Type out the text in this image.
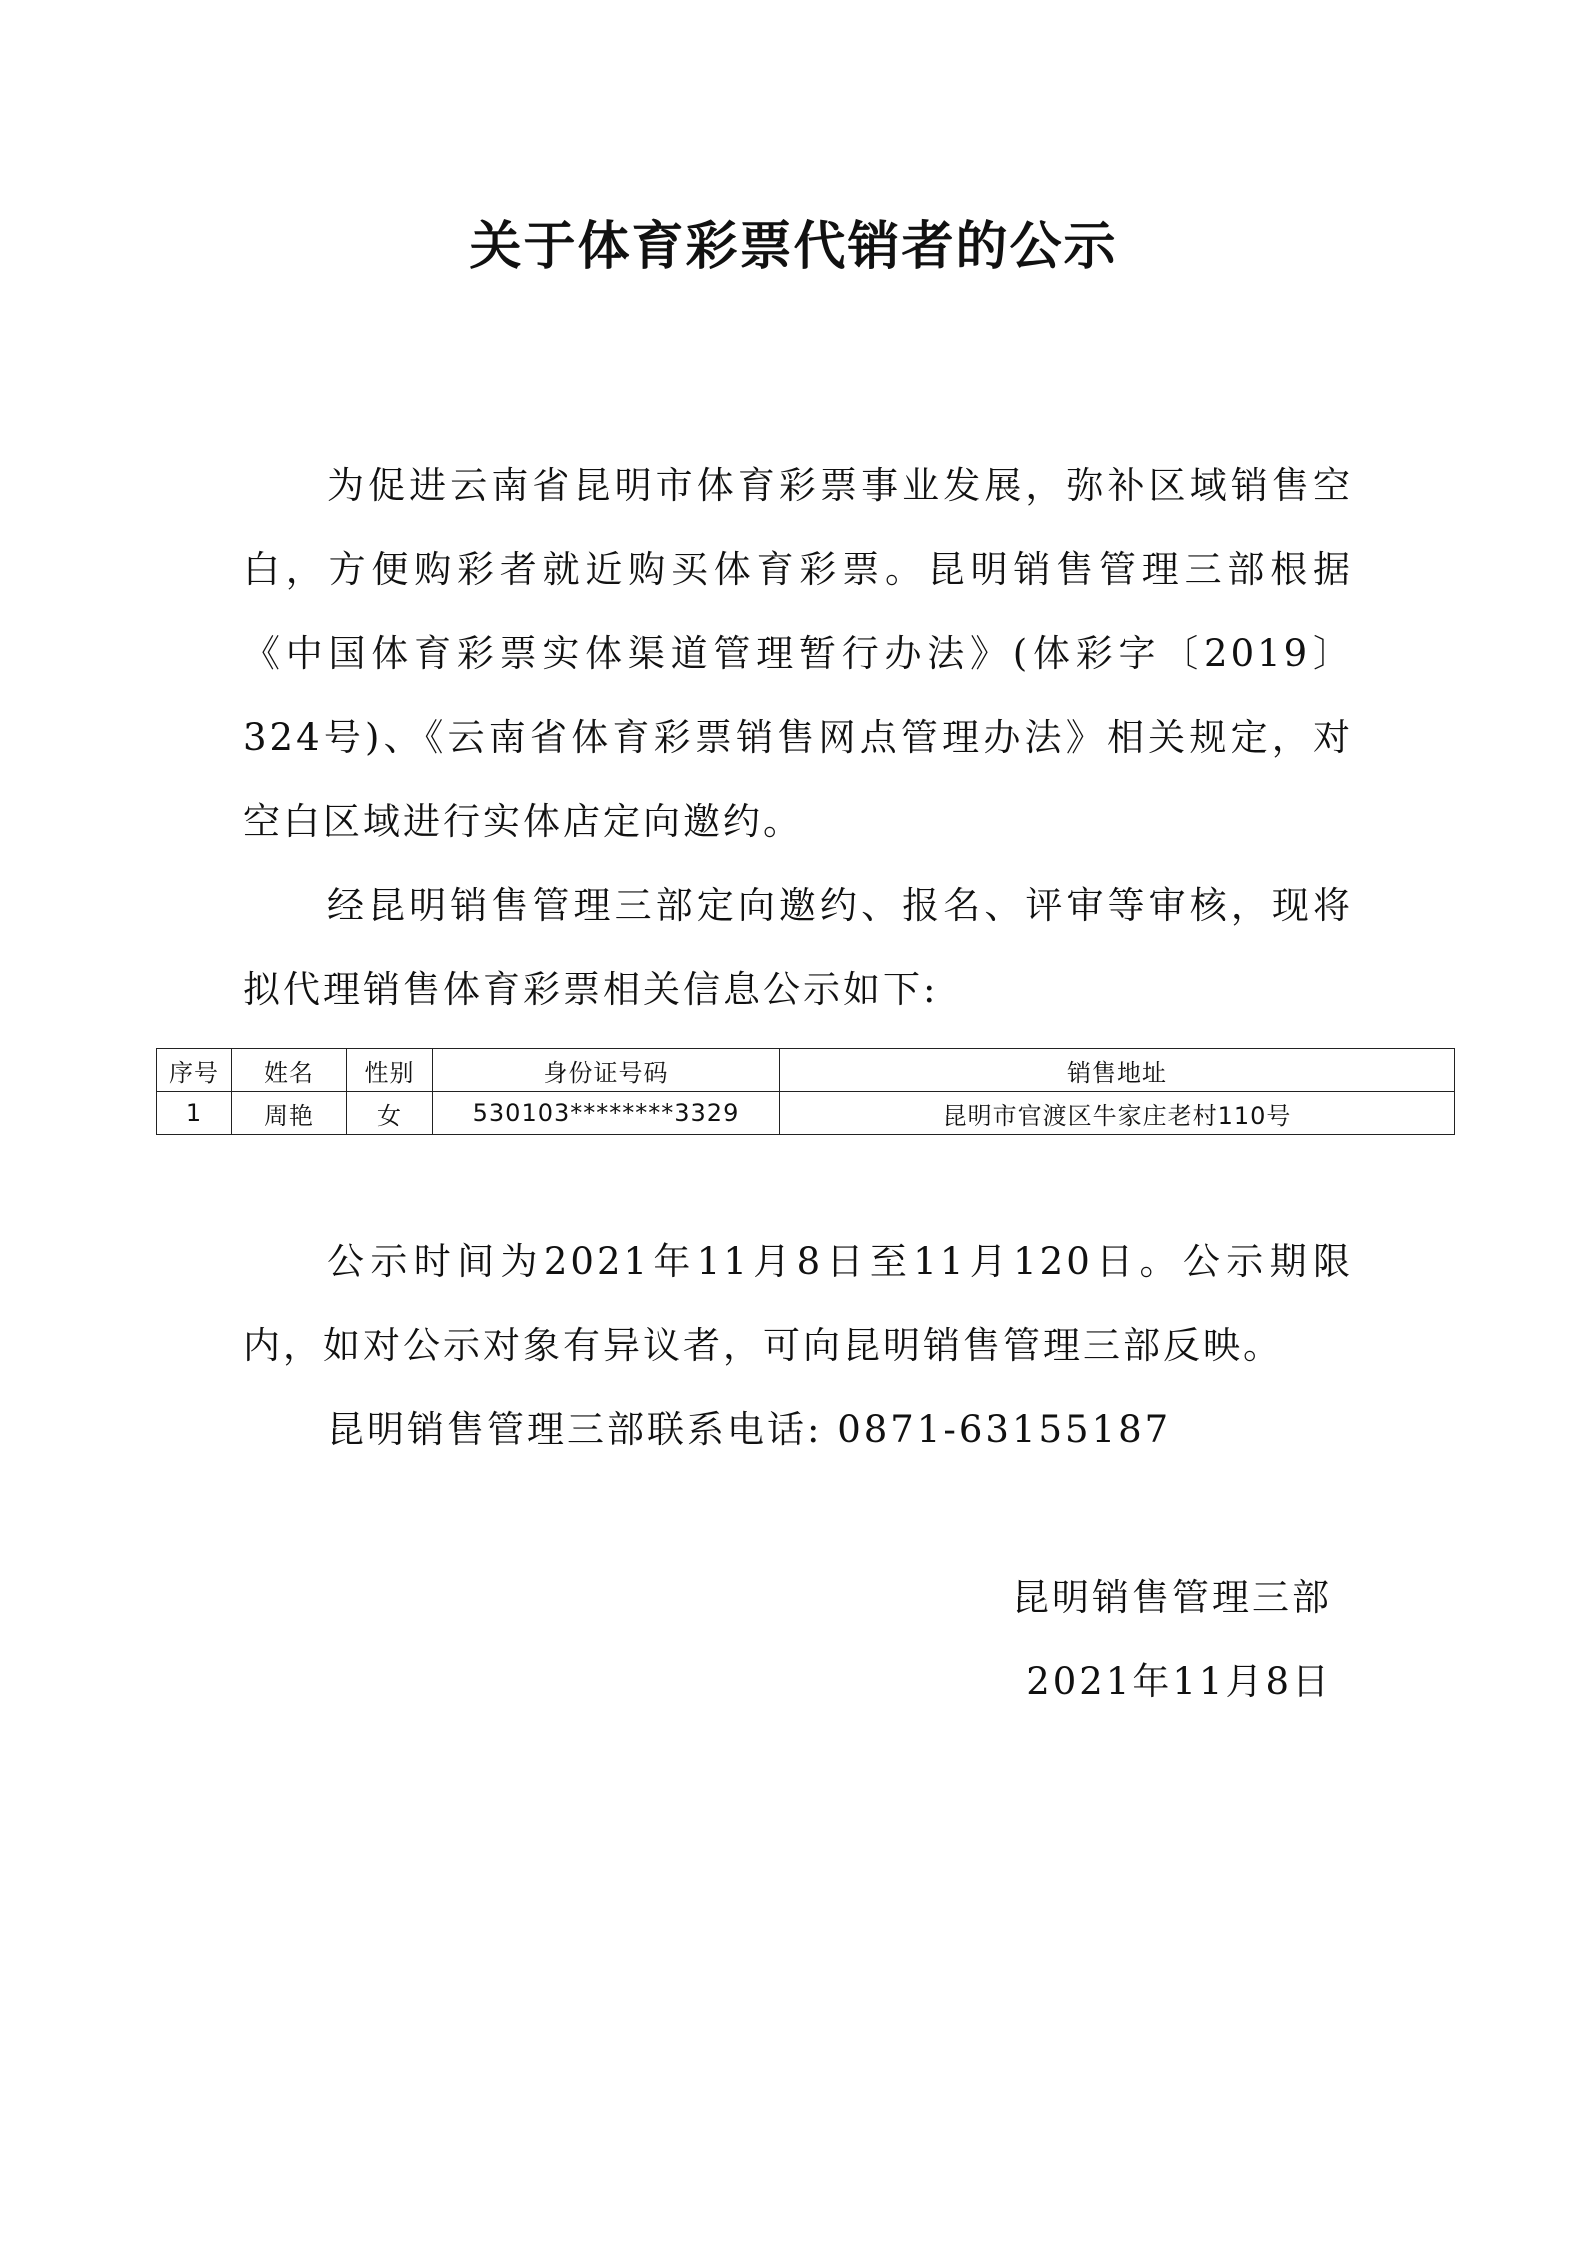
关于体育彩票代销者的公示

为促进云南省昆明市体育彩票事业发展，弥补区域销售空白，方便购彩者就近购买体育彩票。昆明销售管理三部根据《中国体育彩票实体渠道管理暂行办法》(体彩字〔2019〕324号)、《云南省体育彩票销售网点管理办法》相关规定，对空白区域进行实体店定向邀约。

经昆明销售管理三部定向邀约、报名、评审等审核，现将拟代理销售体育彩票相关信息公示如下:

序号	姓名	性别	身份证号码	销售地址
1	周艳	女	530103********3329	昆明市官渡区牛家庄老村110号

公示时间为2021年11月8日至11月120日。公示期限内，如对公示对象有异议者，可向昆明销售管理三部反映。

昆明销售管理三部联系电话: 0871-63155187

昆明销售管理三部
2021年11月8日
